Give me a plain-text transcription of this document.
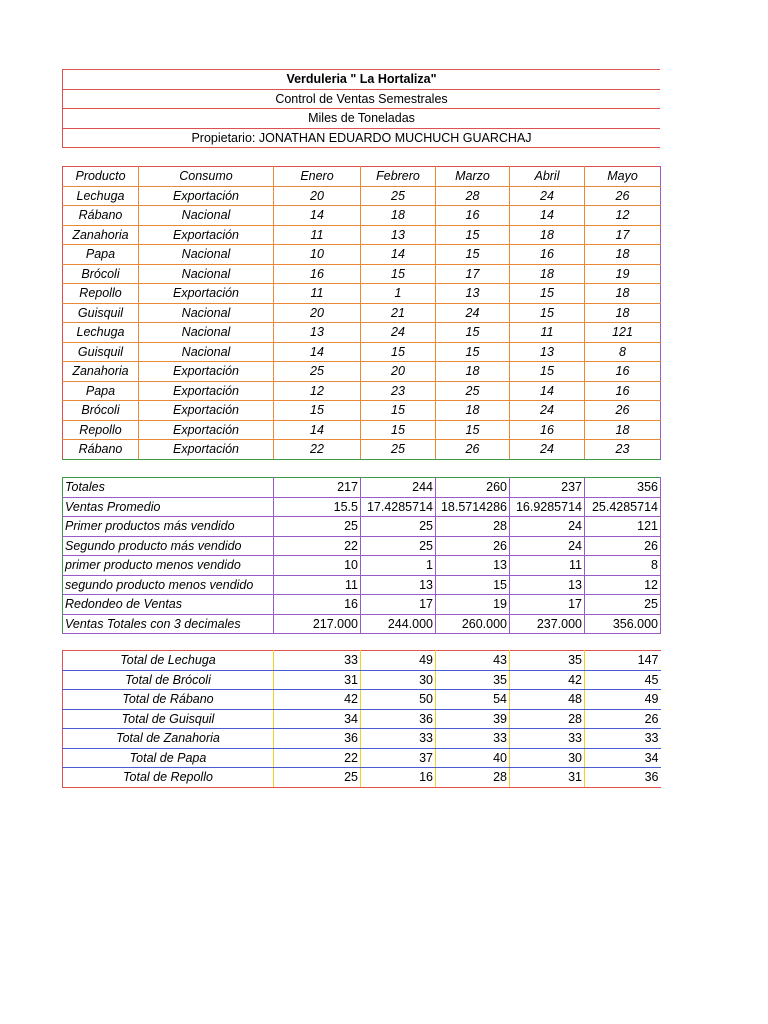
Verduleria " La Hortaliza"
Control de Ventas Semestrales
Miles de Toneladas
Propietario: JONATHAN EDUARDO MUCHUCH GUARCHAJ
Producto	Consumo	Enero	Febrero	Marzo	Abril	Mayo
Lechuga	Exportación	20	25	28	24	26
Rábano	Nacional	14	18	16	14	12
Zanahoria	Exportación	11	13	15	18	17
Papa	Nacional	10	14	15	16	18
Brócoli	Nacional	16	15	17	18	19
Repollo	Exportación	11	1	13	15	18
Guisquil	Nacional	20	21	24	15	18
Lechuga	Nacional	13	24	15	11	121
Guisquil	Nacional	14	15	15	13	8
Zanahoria	Exportación	25	20	18	15	16
Papa	Exportación	12	23	25	14	16
Brócoli	Exportación	15	15	18	24	26
Repollo	Exportación	14	15	15	16	18
Rábano	Exportación	22	25	26	24	23
Totales	217	244	260	237	356
Ventas Promedio	15.5	17.4285714	18.5714286	16.9285714	25.4285714
Primer productos más vendido	25	25	28	24	121
Segundo producto más vendido	22	25	26	24	26
primer producto menos vendido	10	1	13	11	8
segundo producto menos vendido	11	13	15	13	12
Redondeo de Ventas	16	17	19	17	25
Ventas Totales con 3 decimales	217.000	244.000	260.000	237.000	356.000
Total de Lechuga	33	49	43	35	147
Total de Brócoli	31	30	35	42	45
Total de Rábano	42	50	54	48	49
Total de Guisquil	34	36	39	28	26
Total de Zanahoria	36	33	33	33	33
Total de Papa	22	37	40	30	34
Total de Repollo	25	16	28	31	36
